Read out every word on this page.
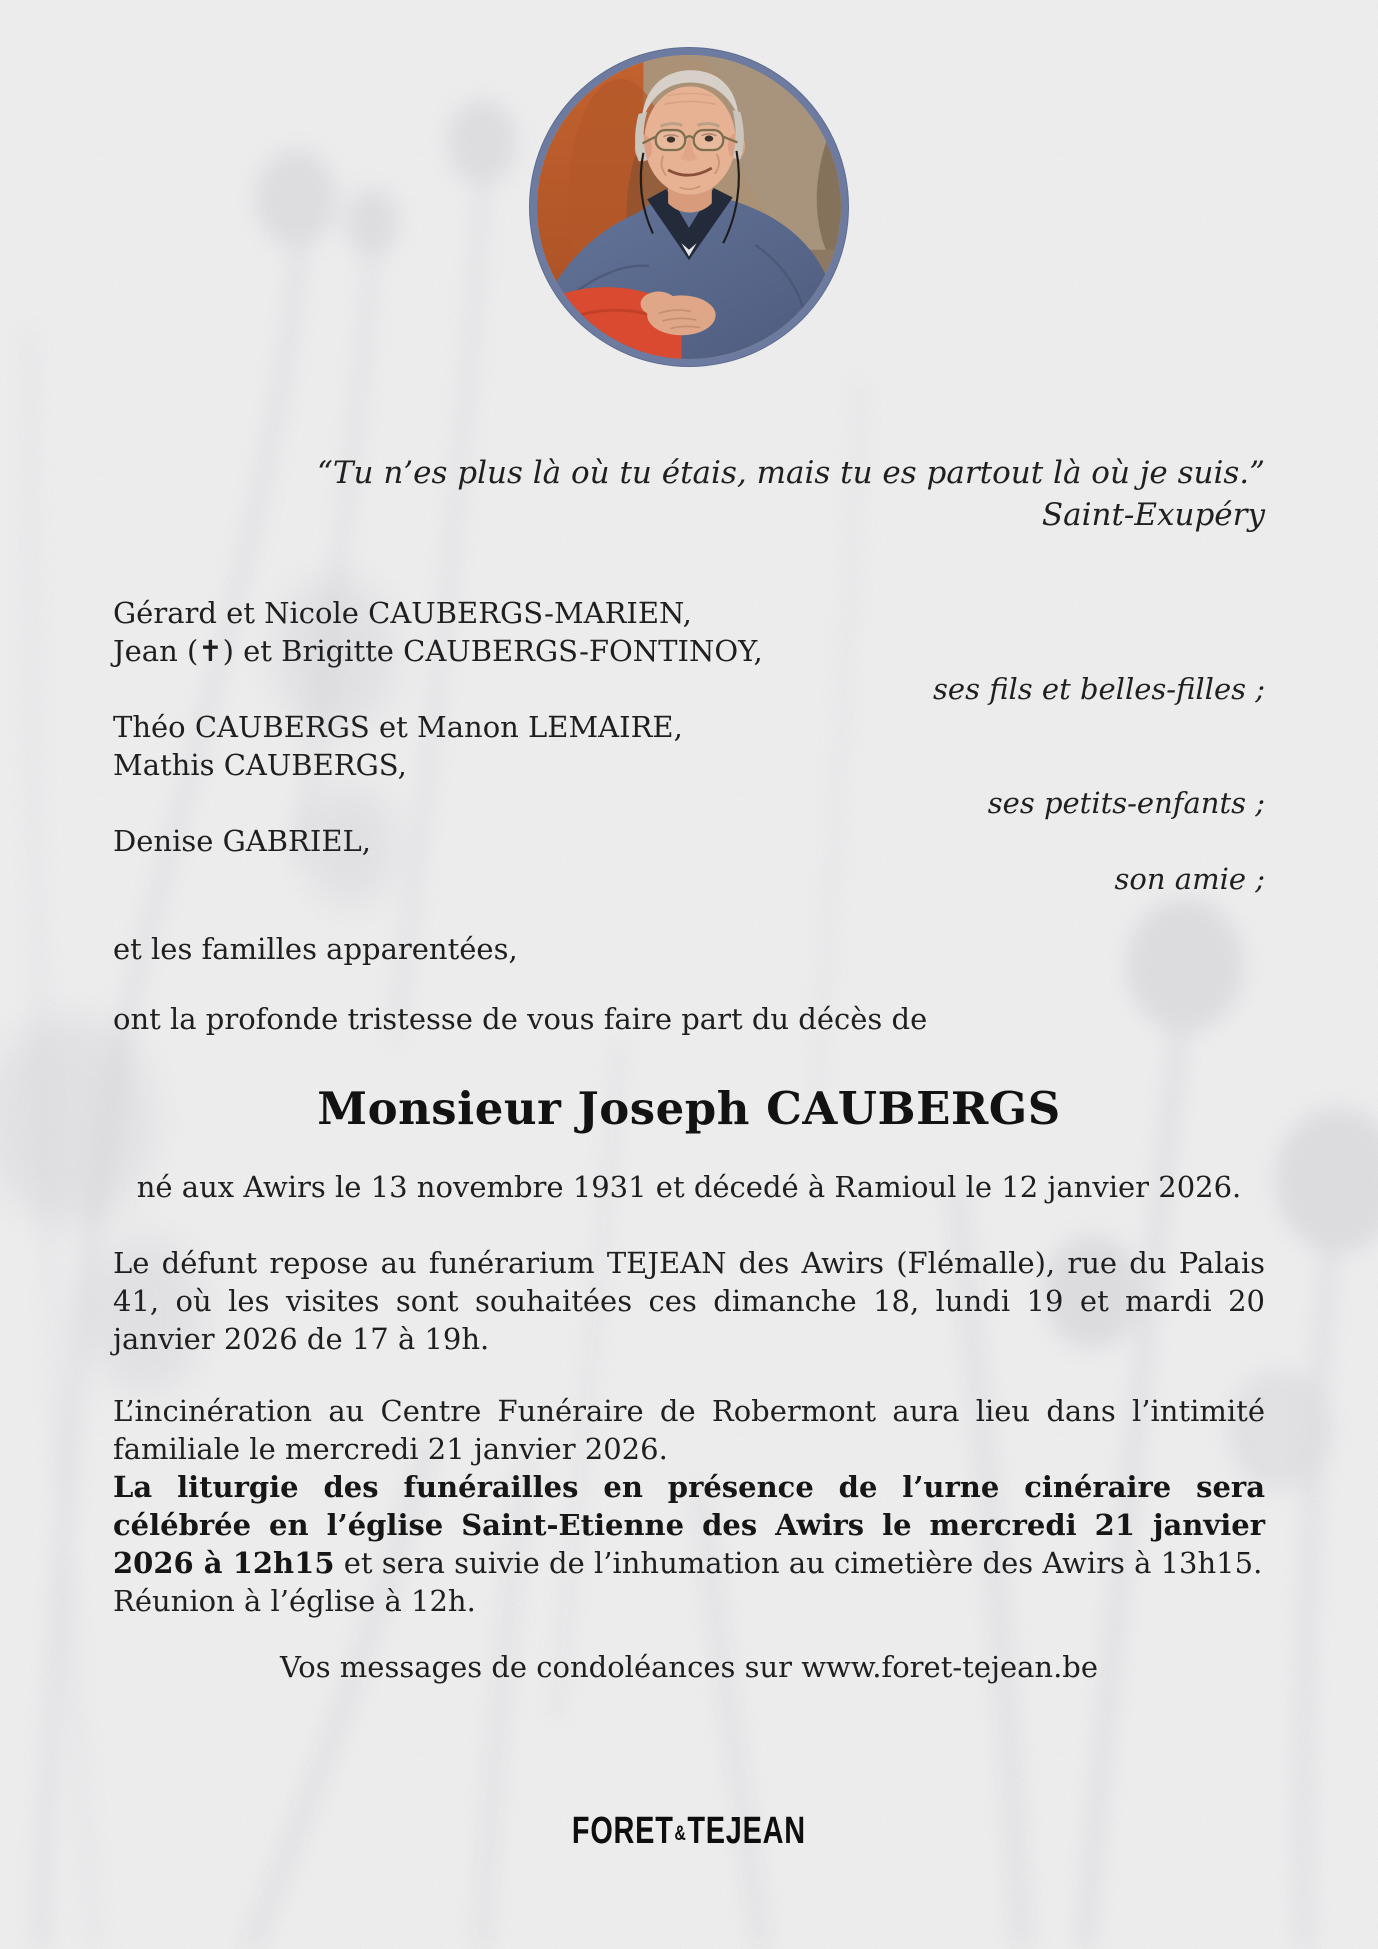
“Tu n’es plus là où tu étais, mais tu es partout là où je suis.”

Saint-Exupéry

Gérard et Nicole CAUBERGS-MARIEN,

Jean (✝) et Brigitte CAUBERGS-FONTINOY,

ses fils et belles-filles ;

Théo CAUBERGS et Manon LEMAIRE,

Mathis CAUBERGS,

ses petits-enfants ;

Denise GABRIEL,

son amie ;

et les familles apparentées,

ont la profonde tristesse de vous faire part du décès de

Monsieur Joseph CAUBERGS

né aux Awirs le 13 novembre 1931 et décedé à Ramioul le 12 janvier 2026.

Le défunt repose au funérarium TEJEAN des Awirs (Flémalle), rue du Palais 41, où les visites sont souhaitées ces dimanche 18, lundi 19 et mardi 20 janvier 2026 de 17 à 19h.

L’incinération au Centre Funéraire de Robermont aura lieu dans l’intimité familiale le mercredi 21 janvier 2026.

La liturgie des funérailles en présence de l’urne cinéraire sera célébrée en l’église Saint-Etienne des Awirs le mercredi 21 janvier 2026 à 12h15 et sera suivie de l’inhumation au cimetière des Awirs à 13h15.

Réunion à l’église à 12h.

Vos messages de condoléances sur www.foret-tejean.be

FORET&TEJEAN
